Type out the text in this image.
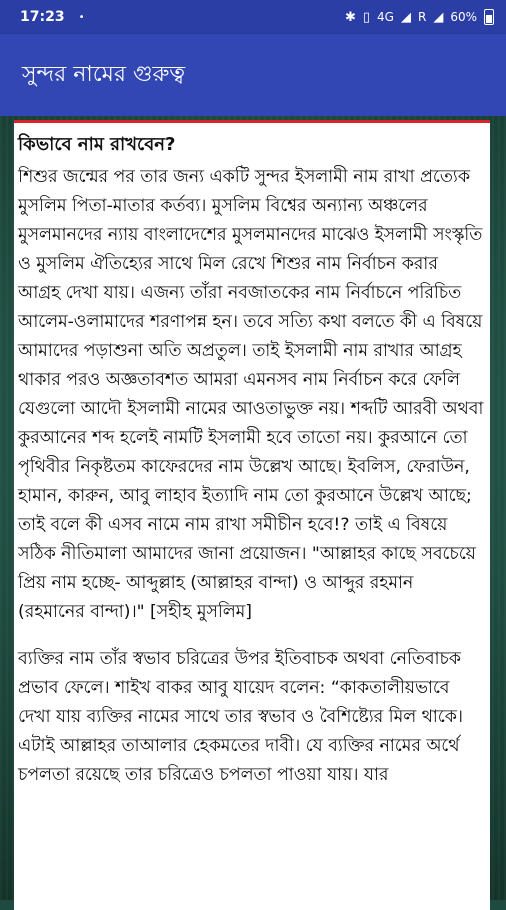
17:23 •	✱ ▯ 4G ◢ R ◢ 60%
সুন্দর নামের গুরুত্ব
কিভাবে নাম রাখবেন?

শিশুর জন্মের পর তার জন্য একটি সুন্দর ইসলামী নাম রাখা প্রত্যেক মুসলিম পিতা-মাতার কর্তব্য। মুসলিম বিশ্বের অন্যান্য অঞ্চলের মুসলমানদের ন্যায় বাংলাদেশের মুসলমানদের মাঝেও ইসলামী সংস্কৃতি ও মুসলিম ঐতিহ্যের সাথে মিল রেখে শিশুর নাম নির্বাচন করার আগ্রহ দেখা যায়। এজন্য তাঁরা নবজাতকের নাম নির্বাচনে পরিচিত আলেম-ওলামাদের শরণাপন্ন হন। তবে সত্যি কথা বলতে কী এ বিষয়ে আমাদের পড়াশুনা অতি অপ্রতুল। তাই ইসলামী নাম রাখার আগ্রহ থাকার পরও অজ্ঞতাবশত আমরা এমনসব নাম নির্বাচন করে ফেলি যেগুলো আদৌ ইসলামী নামের আওতাভুক্ত নয়। শব্দটি আরবী অথবা কুরআনের শব্দ হলেই নামটি ইসলামী হবে তাতো নয়। কুরআনে তো পৃথিবীর নিকৃষ্টতম কাফেরদের নাম উল্লেখ আছে। ইবলিস, ফেরাউন, হামান, কারুন, আবু লাহাব ইত্যাদি নাম তো কুরআনে উল্লেখ আছে; তাই বলে কী এসব নামে নাম রাখা সমীচীন হবে!? তাই এ বিষয়ে সঠিক নীতিমালা আমাদের জানা প্রয়োজন। "আল্লাহর কাছে সবচেয়ে প্রিয় নাম হচ্ছে- আব্দুল্লাহ (আল্লাহর বান্দা) ও আব্দুর রহমান (রহমানের বান্দা)।" [সহীহ মুসলিম]

ব্যক্তির নাম তাঁর স্বভাব চরিত্রের উপর ইতিবাচক অথবা নেতিবাচক প্রভাব ফেলে। শাইখ বাকর আবু যায়েদ বলেন: “কাকতালীয়ভাবে দেখা যায় ব্যক্তির নামের সাথে তার স্বভাব ও বৈশিষ্ট্যের মিল থাকে। এটাই আল্লাহর তাআলার হেকমতের দাবী। যে ব্যক্তির নামের অর্থে চপলতা রয়েছে তার চরিত্রেও চপলতা পাওয়া যায়। যার
